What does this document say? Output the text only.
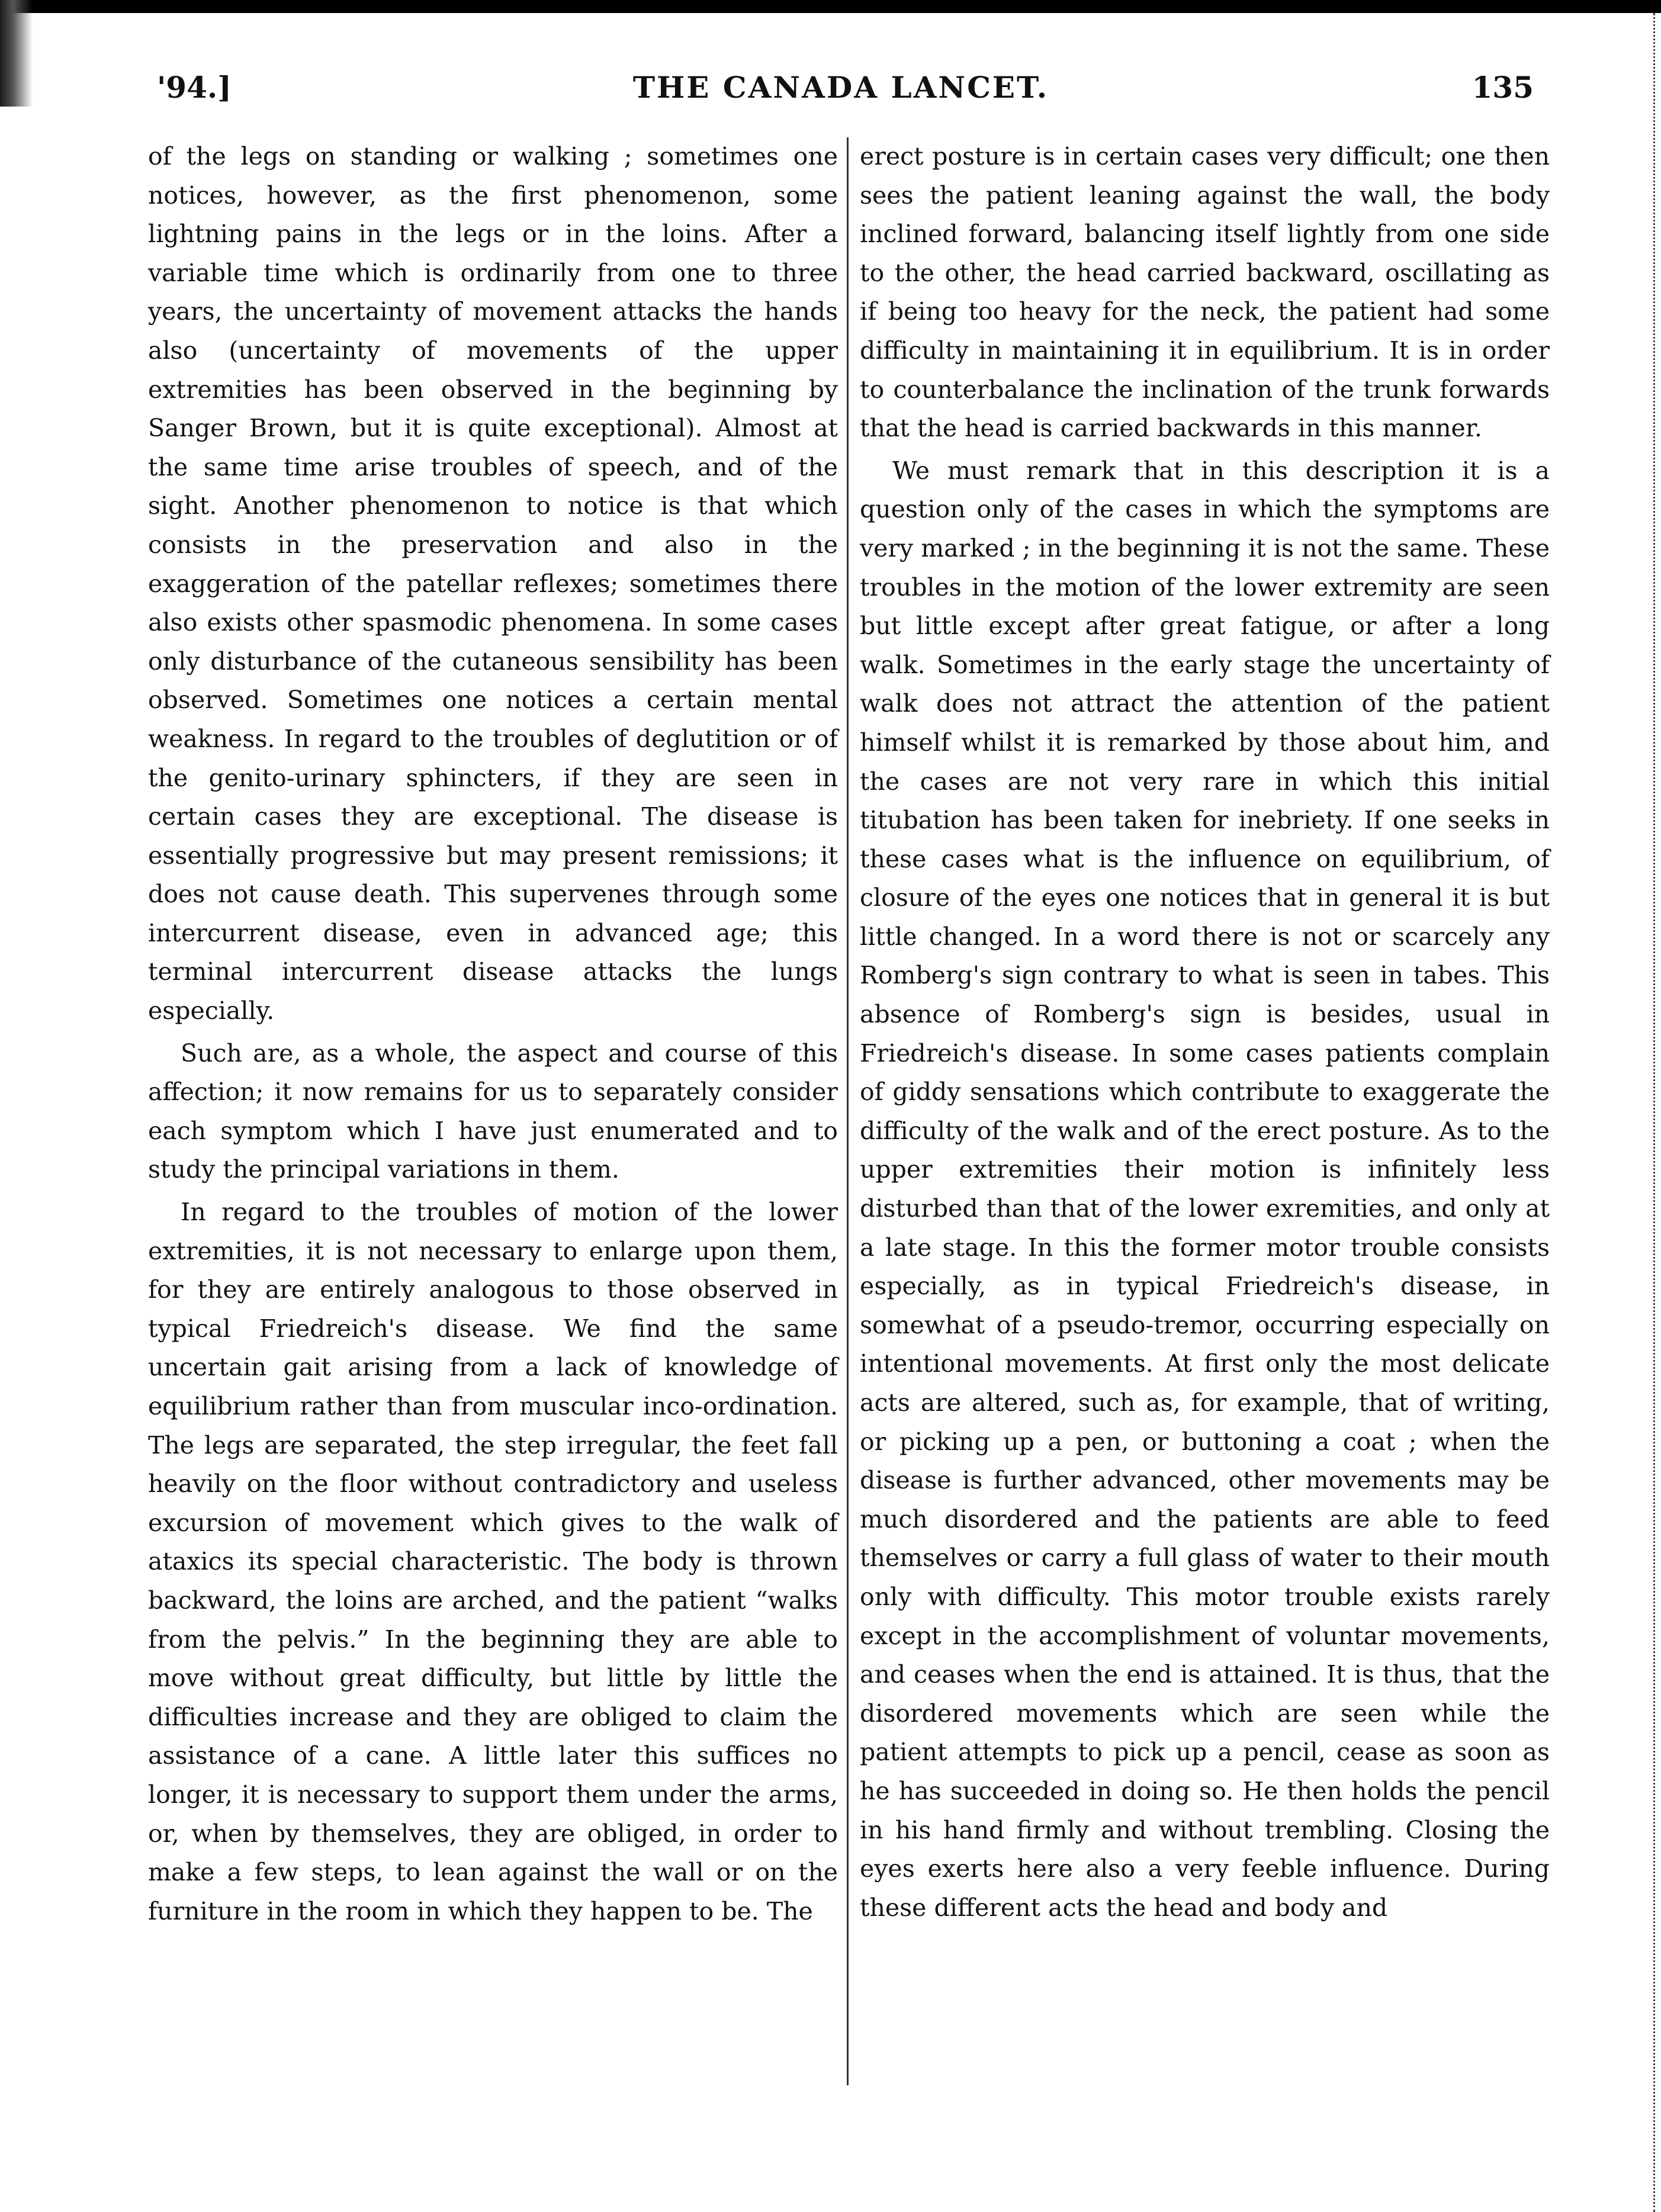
'94.]	THE CANADA LANCET.	135

of the legs on standing or walking ; sometimes one notices, however, as the first phenomenon, some lightning pains in the legs or in the loins. After a variable time which is ordinarily from one to three years, the uncertainty of movement attacks the hands also (uncertainty of movements of the upper extremities has been observed in the beginning by Sanger Brown, but it is quite exceptional). Almost at the same time arise troubles of speech, and of the sight. Another phenomenon to notice is that which consists in the preservation and also in the exaggeration of the patellar reflexes; sometimes there also exists other spasmodic phenomena. In some cases only disturbance of the cutaneous sensibility has been observed. Sometimes one notices a certain mental weakness. In regard to the troubles of deglutition or of the genito-urinary sphincters, if they are seen in certain cases they are exceptional. The disease is essentially progressive but may present remissions; it does not cause death. This supervenes through some intercurrent disease, even in advanced age; this terminal intercurrent disease attacks the lungs especially.

Such are, as a whole, the aspect and course of this affection; it now remains for us to separately consider each symptom which I have just enumerated and to study the principal variations in them.

In regard to the troubles of motion of the lower extremities, it is not necessary to enlarge upon them, for they are entirely analogous to those observed in typical Friedreich's disease. We find the same uncertain gait arising from a lack of knowledge of equilibrium rather than from muscular inco-ordination. The legs are separated, the step irregular, the feet fall heavily on the floor without contradictory and useless excursion of movement which gives to the walk of ataxics its special characteristic. The body is thrown backward, the loins are arched, and the patient “walks from the pelvis.” In the beginning they are able to move without great difficulty, but little by little the difficulties increase and they are obliged to claim the assistance of a cane. A little later this suffices no longer, it is necessary to support them under the arms, or, when by themselves, they are obliged, in order to make a few steps, to lean against the wall or on the furniture in the room in which they happen to be. The

erect posture is in certain cases very difficult; one then sees the patient leaning against the wall, the body inclined forward, balancing itself lightly from one side to the other, the head carried backward, oscillating as if being too heavy for the neck, the patient had some difficulty in maintaining it in equilibrium. It is in order to counterbalance the inclination of the trunk forwards that the head is carried backwards in this manner.

We must remark that in this description it is a question only of the cases in which the symptoms are very marked ; in the beginning it is not the same. These troubles in the motion of the lower extremity are seen but little except after great fatigue, or after a long walk. Sometimes in the early stage the uncertainty of walk does not attract the attention of the patient himself whilst it is remarked by those about him, and the cases are not very rare in which this initial titubation has been taken for inebriety. If one seeks in these cases what is the influence on equilibrium, of closure of the eyes one notices that in general it is but little changed. In a word there is not or scarcely any Romberg's sign contrary to what is seen in tabes. This absence of Romberg's sign is besides, usual in Friedreich's disease. In some cases patients complain of giddy sensations which contribute to exaggerate the difficulty of the walk and of the erect posture. As to the upper extremities their motion is infinitely less disturbed than that of the lower exremities, and only at a late stage. In this the former motor trouble consists especially, as in typical Friedreich's disease, in somewhat of a pseudo-tremor, occurring especially on intentional movements. At first only the most delicate acts are altered, such as, for example, that of writing, or picking up a pen, or buttoning a coat ; when the disease is further advanced, other movements may be much disordered and the patients are able to feed themselves or carry a full glass of water to their mouth only with difficulty. This motor trouble exists rarely except in the accomplishment of voluntar movements, and ceases when the end is attained. It is thus, that the disordered movements which are seen while the patient attempts to pick up a pencil, cease as soon as he has succeeded in doing so. He then holds the pencil in his hand firmly and without trembling. Closing the eyes exerts here also a very feeble influence. During these different acts the head and body and
